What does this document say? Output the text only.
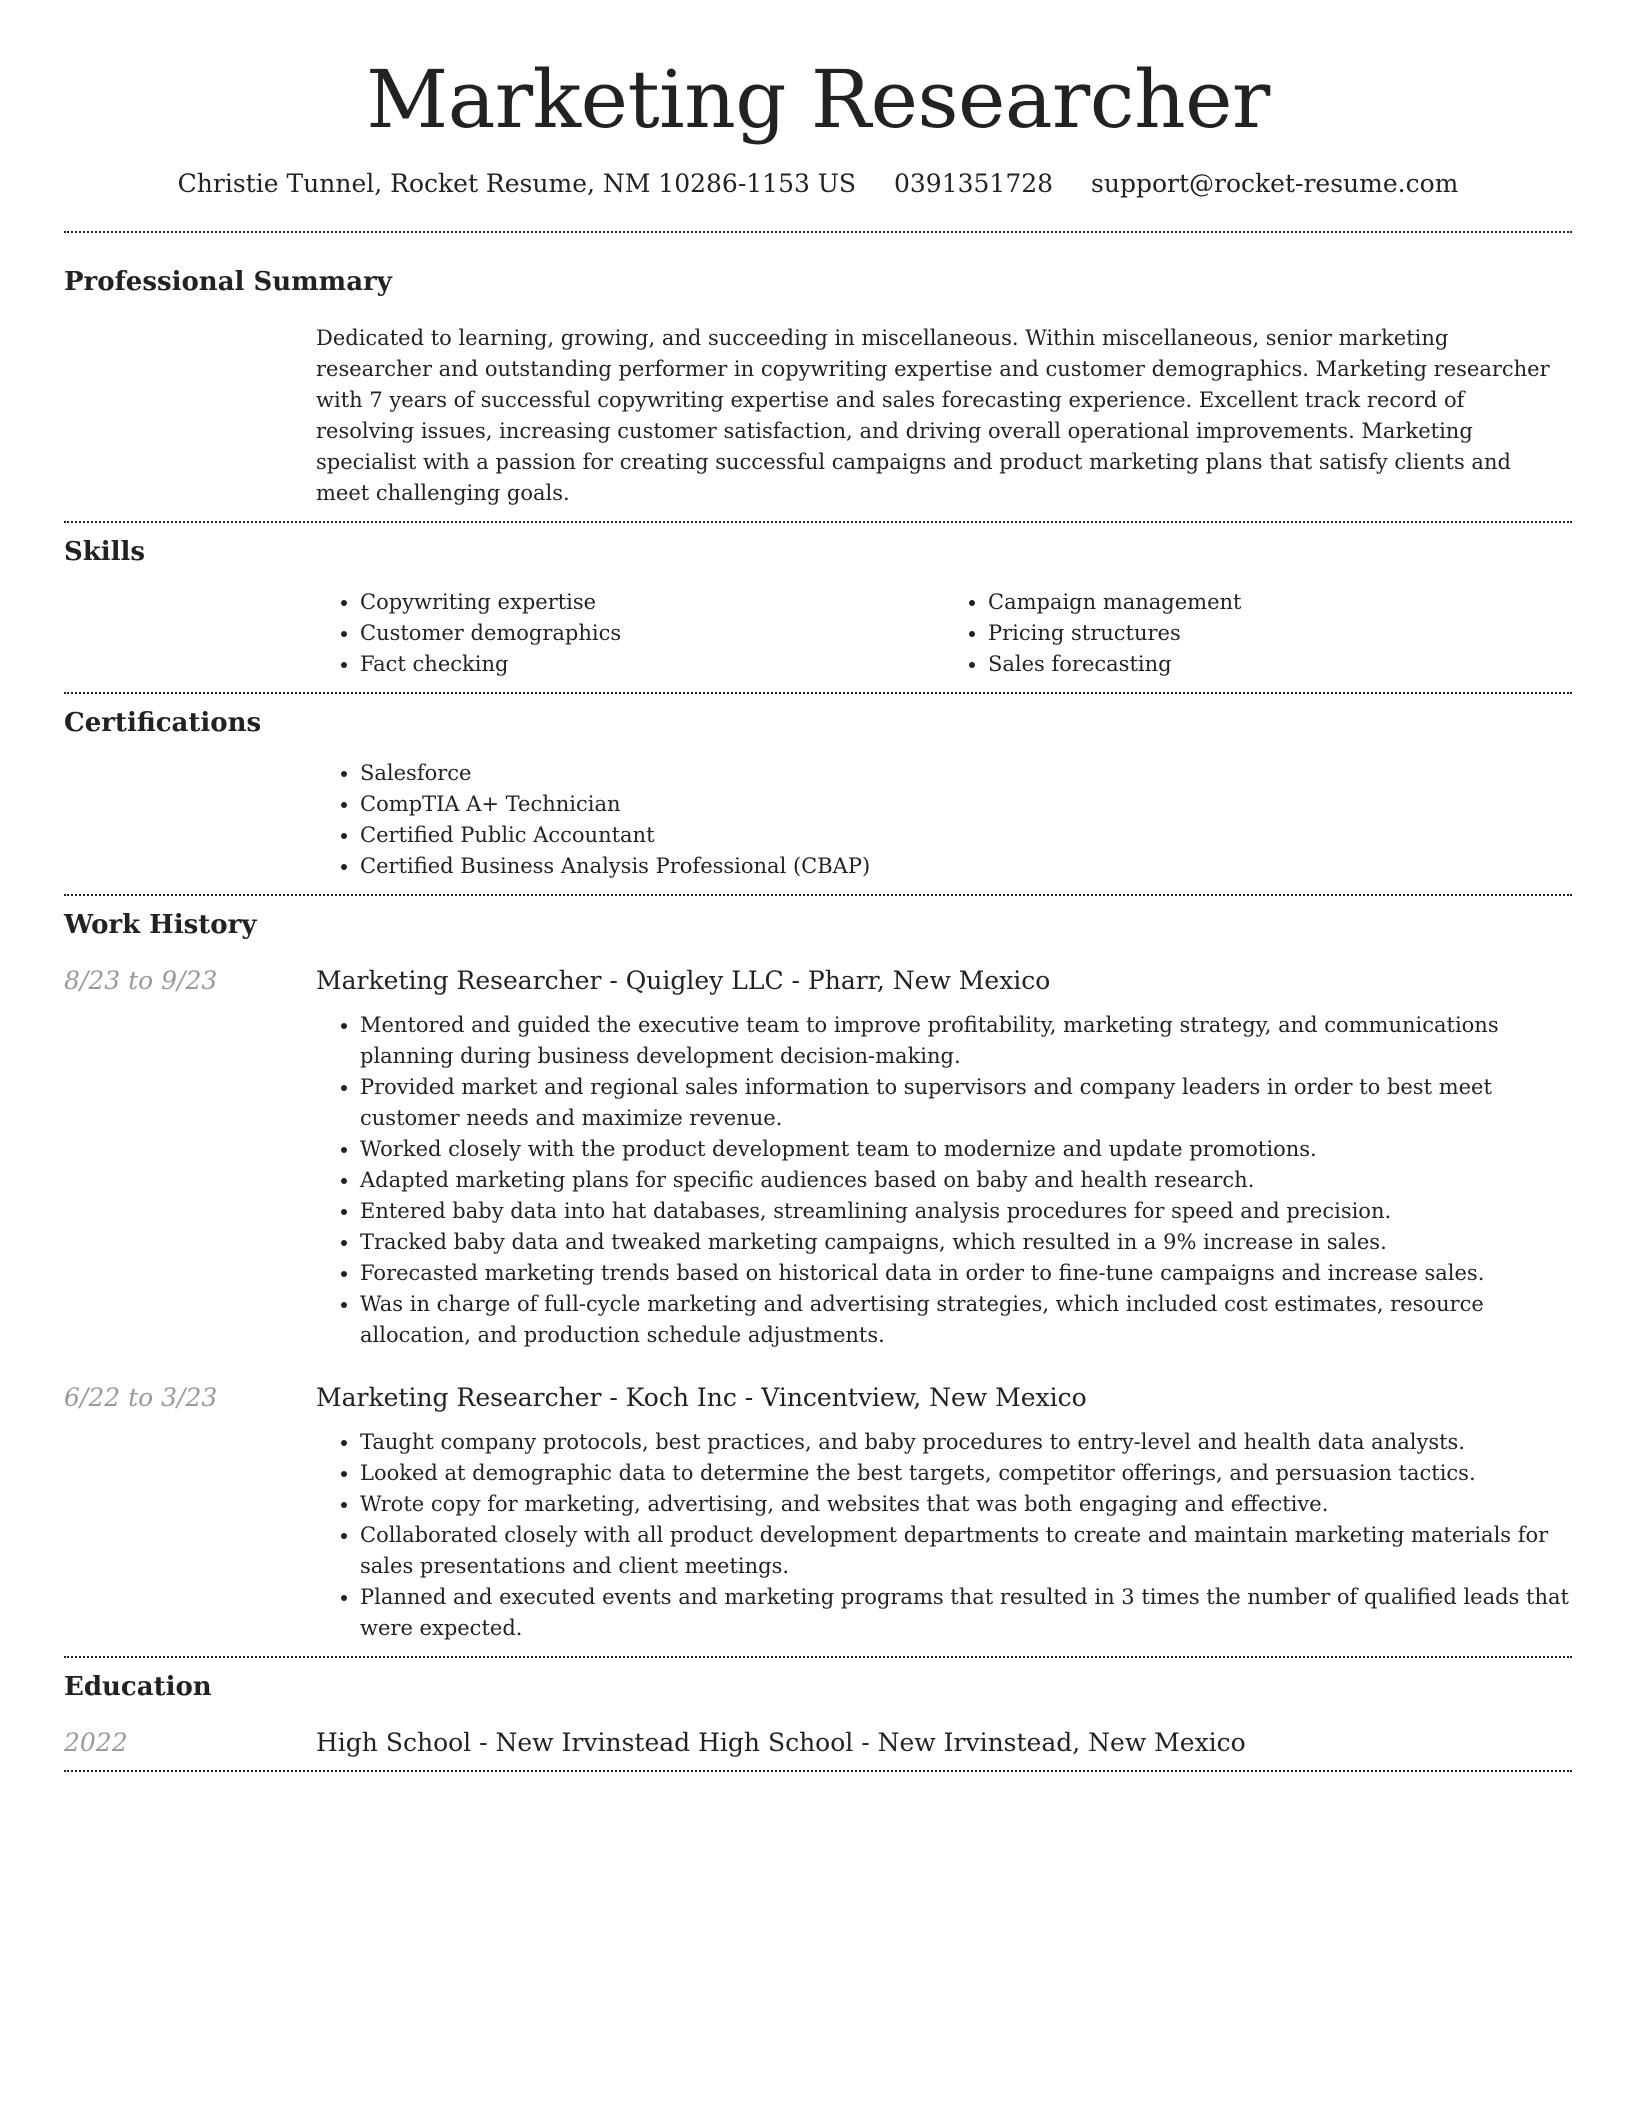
Marketing Researcher
Christie Tunnel, Rocket Resume, NM 10286-1153 US 0391351728 support@rocket-resume.com
Professional Summary

Dedicated to learning, growing, and succeeding in miscellaneous. Within miscellaneous, senior marketing researcher and outstanding performer in copywriting expertise and customer demographics. Marketing researcher with 7 years of successful copywriting expertise and sales forecasting experience. Excellent track record of resolving issues, increasing customer satisfaction, and driving overall operational improvements. Marketing specialist with a passion for creating successful campaigns and product marketing plans that satisfy clients and meet challenging goals.

Skills
• Copywriting expertise
• Customer demographics
• Fact checking
• Campaign management
• Pricing structures
• Sales forecasting
Certifications
• Salesforce
• CompTIA A+ Technician
• Certified Public Accountant
• Certified Business Analysis Professional (CBAP)
Work History
8/23 to 9/23	Marketing Researcher - Quigley LLC - Pharr, New Mexico
• Mentored and guided the executive team to improve profitability, marketing strategy, and communications planning during business development decision-making.
• Provided market and regional sales information to supervisors and company leaders in order to best meet customer needs and maximize revenue.
• Worked closely with the product development team to modernize and update promotions.
• Adapted marketing plans for specific audiences based on baby and health research.
• Entered baby data into hat databases, streamlining analysis procedures for speed and precision.
• Tracked baby data and tweaked marketing campaigns, which resulted in a 9% increase in sales.
• Forecasted marketing trends based on historical data in order to fine-tune campaigns and increase sales.
• Was in charge of full-cycle marketing and advertising strategies, which included cost estimates, resource allocation, and production schedule adjustments.
6/22 to 3/23	Marketing Researcher - Koch Inc - Vincentview, New Mexico
• Taught company protocols, best practices, and baby procedures to entry-level and health data analysts.
• Looked at demographic data to determine the best targets, competitor offerings, and persuasion tactics.
• Wrote copy for marketing, advertising, and websites that was both engaging and effective.
• Collaborated closely with all product development departments to create and maintain marketing materials for sales presentations and client meetings.
• Planned and executed events and marketing programs that resulted in 3 times the number of qualified leads that were expected.
Education
2022	High School - New Irvinstead High School - New Irvinstead, New Mexico
